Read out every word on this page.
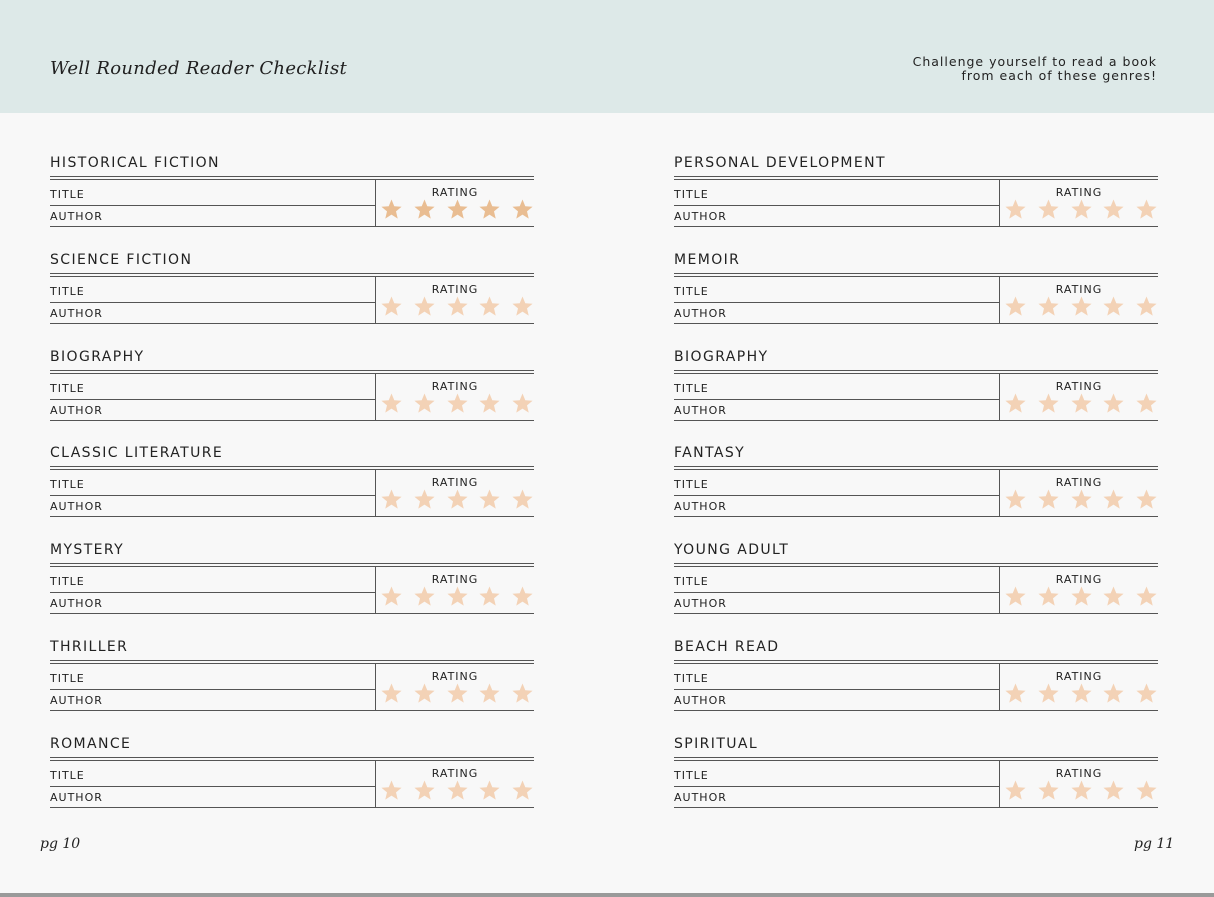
Well Rounded Reader Checklist	Challenge yourself to read a book
from each of these genres!
HISTORICAL FICTION
TITLE
AUTHOR
RATING
SCIENCE FICTION
TITLE
AUTHOR
RATING
BIOGRAPHY
TITLE
AUTHOR
RATING
CLASSIC LITERATURE
TITLE
AUTHOR
RATING
MYSTERY
TITLE
AUTHOR
RATING
THRILLER
TITLE
AUTHOR
RATING
ROMANCE
TITLE
AUTHOR
RATING
PERSONAL DEVELOPMENT
TITLE
AUTHOR
RATING
MEMOIR
TITLE
AUTHOR
RATING
BIOGRAPHY
TITLE
AUTHOR
RATING
FANTASY
TITLE
AUTHOR
RATING
YOUNG ADULT
TITLE
AUTHOR
RATING
BEACH READ
TITLE
AUTHOR
RATING
SPIRITUAL
TITLE
AUTHOR
RATING
pg 10	pg 11
